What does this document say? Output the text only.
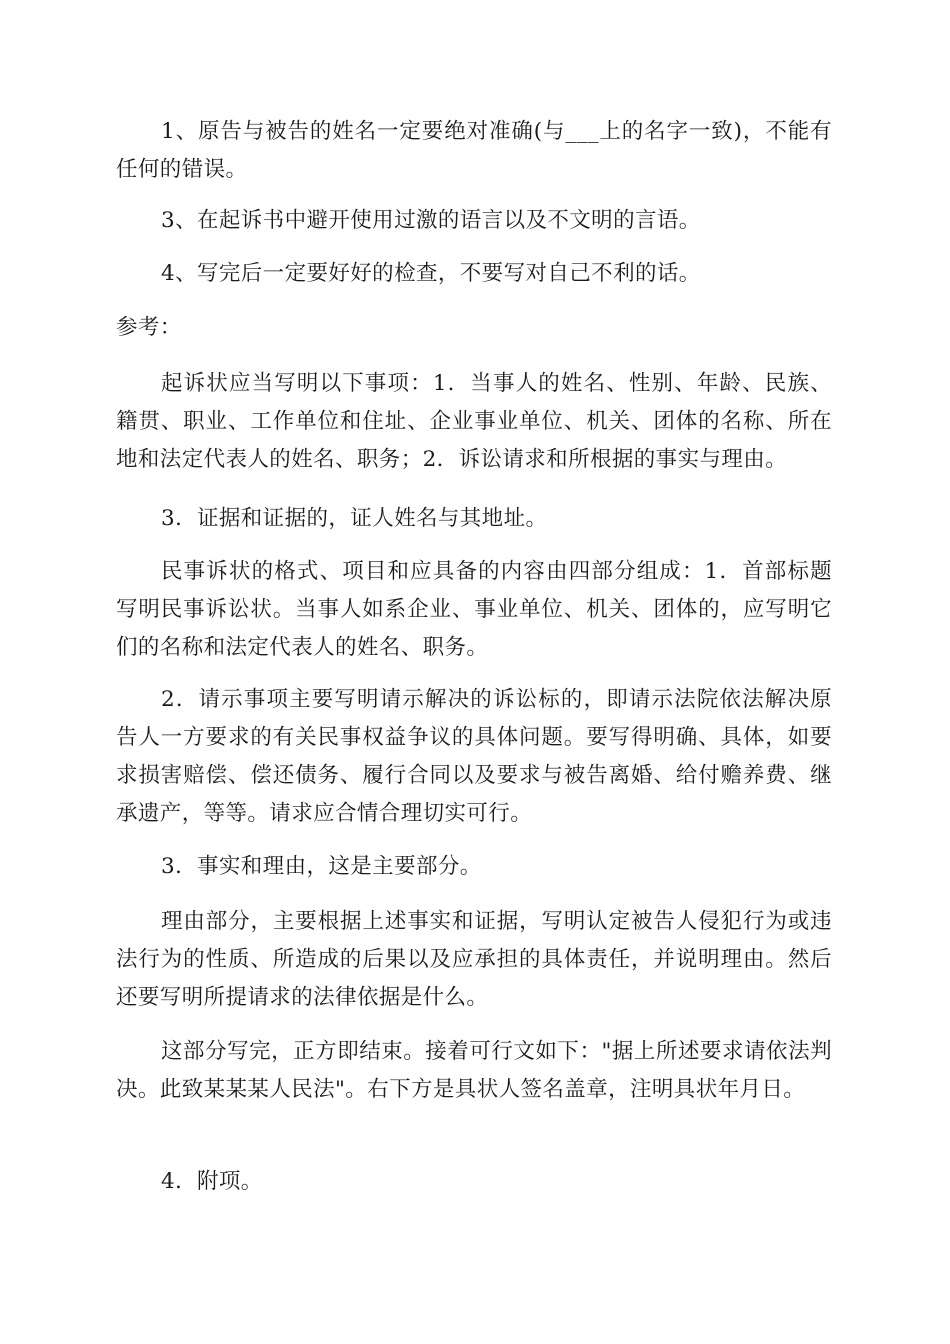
1、原告与被告的姓名一定要绝对准确(与___上的名字一致)，不能有任何的错误。

3、在起诉书中避开使用过激的语言以及不文明的言语。

4、写完后一定要好好的检查，不要写对自己不利的话。

参考：

起诉状应当写明以下事项：1．当事人的姓名、性别、年龄、民族、籍贯、职业、工作单位和住址、企业事业单位、机关、团体的名称、所在地和法定代表人的姓名、职务；2．诉讼请求和所根据的事实与理由。

3．证据和证据的，证人姓名与其地址。

民事诉状的格式、项目和应具备的内容由四部分组成：1．首部标题写明民事诉讼状。当事人如系企业、事业单位、机关、团体的，应写明它们的名称和法定代表人的姓名、职务。

2．请示事项主要写明请示解决的诉讼标的，即请示法院依法解决原告人一方要求的有关民事权益争议的具体问题。要写得明确、具体，如要求损害赔偿、偿还债务、履行合同以及要求与被告离婚、给付赡养费、继承遗产，等等。请求应合情合理切实可行。

3．事实和理由，这是主要部分。

理由部分，主要根据上述事实和证据，写明认定被告人侵犯行为或违法行为的性质、所造成的后果以及应承担的具体责任，并说明理由。然后还要写明所提请求的法律依据是什么。

这部分写完，正方即结束。接着可行文如下："据上所述要求请依法判决。此致某某某人民法"。右下方是具状人签名盖章，注明具状年月日。

4．附项。
